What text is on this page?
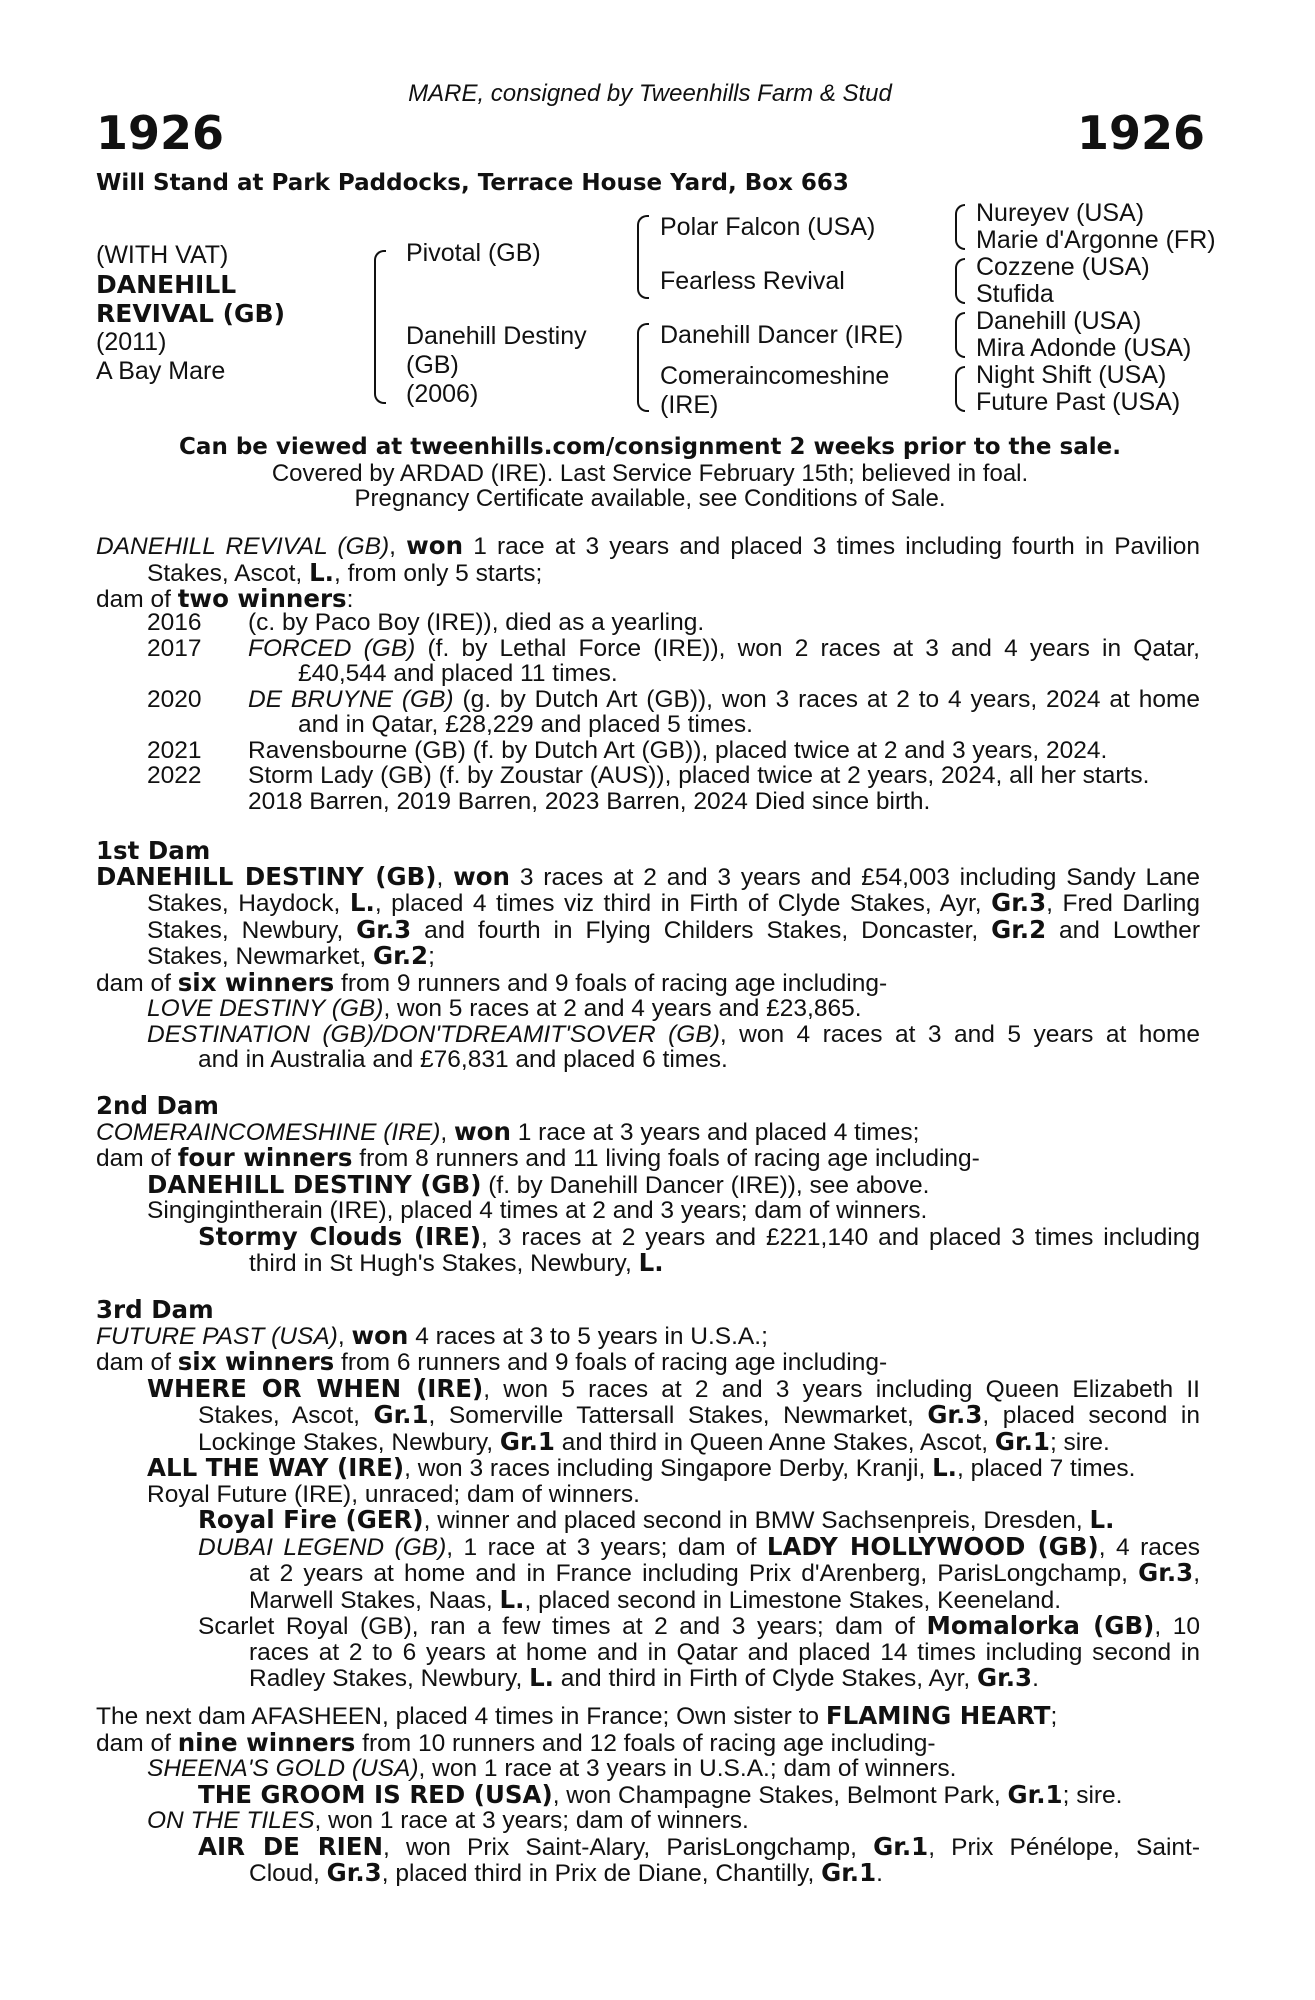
MARE, consigned by Tweenhills Farm & Stud
1926	1926
Will Stand at Park Paddocks, Terrace House Yard, Box 663
(WITH VAT)
DANEHILL
REVIVAL (GB)
(2011)
A Bay Mare
Pivotal (GB)
Danehill Destiny
(GB)
(2006)
Polar Falcon (USA)
Fearless Revival
Danehill Dancer (IRE)
Comeraincomeshine
(IRE)
Nureyev (USA)
Marie d'Argonne (FR)
Cozzene (USA)
Stufida
Danehill (USA)
Mira Adonde (USA)
Night Shift (USA)
Future Past (USA)
Can be viewed at tweenhills.com/consignment 2 weeks prior to the sale.
Covered by ARDAD (IRE). Last Service February 15th; believed in foal.
Pregnancy Certificate available, see Conditions of Sale.
DANEHILL REVIVAL (GB), won 1 race at 3 years and placed 3 times including fourth in Pavilion
Stakes, Ascot, L., from only 5 starts;
dam of two winners:
2016 (c. by Paco Boy (IRE)), died as a yearling.
2017 FORCED (GB) (f. by Lethal Force (IRE)), won 2 races at 3 and 4 years in Qatar,
£40,544 and placed 11 times.
2020 DE BRUYNE (GB) (g. by Dutch Art (GB)), won 3 races at 2 to 4 years, 2024 at home
and in Qatar, £28,229 and placed 5 times.
2021 Ravensbourne (GB) (f. by Dutch Art (GB)), placed twice at 2 and 3 years, 2024.
2022 Storm Lady (GB) (f. by Zoustar (AUS)), placed twice at 2 years, 2024, all her starts.
2018 Barren, 2019 Barren, 2023 Barren, 2024 Died since birth.
1st Dam
DANEHILL DESTINY (GB), won 3 races at 2 and 3 years and £54,003 including Sandy Lane
Stakes, Haydock, L., placed 4 times viz third in Firth of Clyde Stakes, Ayr, Gr.3, Fred Darling
Stakes, Newbury, Gr.3 and fourth in Flying Childers Stakes, Doncaster, Gr.2 and Lowther
Stakes, Newmarket, Gr.2;
dam of six winners from 9 runners and 9 foals of racing age including-
LOVE DESTINY (GB), won 5 races at 2 and 4 years and £23,865.
DESTINATION (GB)/DON'TDREAMIT'SOVER (GB), won 4 races at 3 and 5 years at home
and in Australia and £76,831 and placed 6 times.
2nd Dam
COMERAINCOMESHINE (IRE), won 1 race at 3 years and placed 4 times;
dam of four winners from 8 runners and 11 living foals of racing age including-
DANEHILL DESTINY (GB) (f. by Danehill Dancer (IRE)), see above.
Singingintherain (IRE), placed 4 times at 2 and 3 years; dam of winners.
Stormy Clouds (IRE), 3 races at 2 years and £221,140 and placed 3 times including
third in St Hugh's Stakes, Newbury, L.
3rd Dam
FUTURE PAST (USA), won 4 races at 3 to 5 years in U.S.A.;
dam of six winners from 6 runners and 9 foals of racing age including-
WHERE OR WHEN (IRE), won 5 races at 2 and 3 years including Queen Elizabeth II
Stakes, Ascot, Gr.1, Somerville Tattersall Stakes, Newmarket, Gr.3, placed second in
Lockinge Stakes, Newbury, Gr.1 and third in Queen Anne Stakes, Ascot, Gr.1; sire.
ALL THE WAY (IRE), won 3 races including Singapore Derby, Kranji, L., placed 7 times.
Royal Future (IRE), unraced; dam of winners.
Royal Fire (GER), winner and placed second in BMW Sachsenpreis, Dresden, L.
DUBAI LEGEND (GB), 1 race at 3 years; dam of LADY HOLLYWOOD (GB), 4 races
at 2 years at home and in France including Prix d'Arenberg, ParisLongchamp, Gr.3,
Marwell Stakes, Naas, L., placed second in Limestone Stakes, Keeneland.
Scarlet Royal (GB), ran a few times at 2 and 3 years; dam of Momalorka (GB), 10
races at 2 to 6 years at home and in Qatar and placed 14 times including second in
Radley Stakes, Newbury, L. and third in Firth of Clyde Stakes, Ayr, Gr.3.
The next dam AFASHEEN, placed 4 times in France; Own sister to FLAMING HEART;
dam of nine winners from 10 runners and 12 foals of racing age including-
SHEENA'S GOLD (USA), won 1 race at 3 years in U.S.A.; dam of winners.
THE GROOM IS RED (USA), won Champagne Stakes, Belmont Park, Gr.1; sire.
ON THE TILES, won 1 race at 3 years; dam of winners.
AIR DE RIEN, won Prix Saint-Alary, ParisLongchamp, Gr.1, Prix Pénélope, Saint-
Cloud, Gr.3, placed third in Prix de Diane, Chantilly, Gr.1.
